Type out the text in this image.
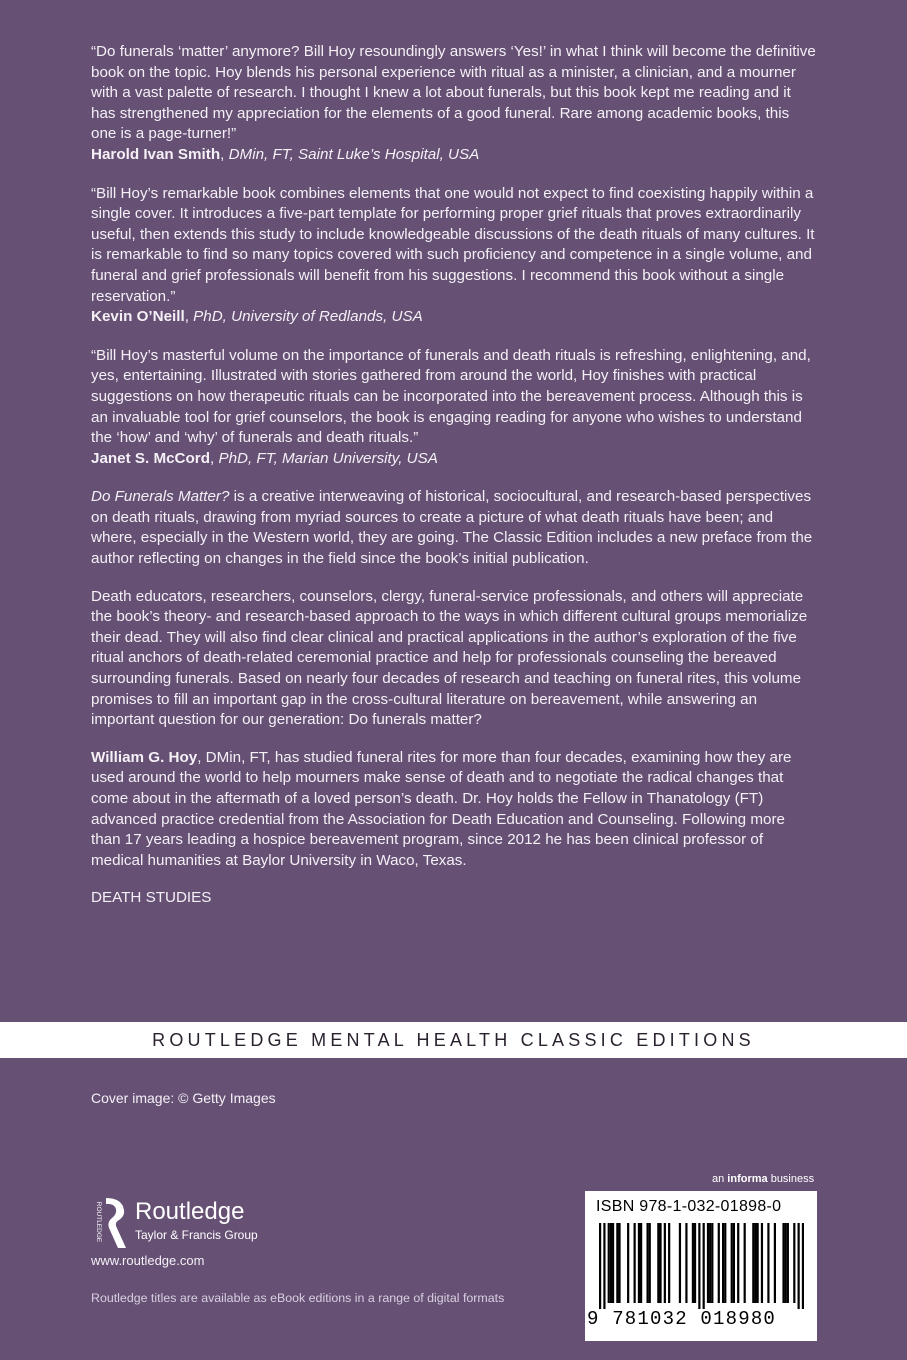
“Do funerals ‘matter’ anymore? Bill Hoy resoundingly answers ‘Yes!’ in what I think will become the definitive book on the topic. Hoy blends his personal experience with ritual as a minister, a clinician, and a mourner with a vast palette of research. I thought I knew a lot about funerals, but this book kept me reading and it has strengthened my appreciation for the elements of a good funeral. Rare among academic books, this one is a page-turner!”
Harold Ivan Smith, DMin, FT, Saint Luke’s Hospital, USA
“Bill Hoy’s remarkable book combines elements that one would not expect to find coexisting happily within a single cover. It introduces a five-part template for performing proper grief rituals that proves extraordinarily useful, then extends this study to include knowledgeable discussions of the death rituals of many cultures. It is remarkable to find so many topics covered with such proficiency and competence in a single volume, and funeral and grief professionals will benefit from his suggestions. I recommend this book without a single reservation.”
Kevin O’Neill, PhD, University of Redlands, USA
“Bill Hoy’s masterful volume on the importance of funerals and death rituals is refreshing, enlightening, and, yes, entertaining. Illustrated with stories gathered from around the world, Hoy finishes with practical suggestions on how therapeutic rituals can be incorporated into the bereavement process. Although this is an invaluable tool for grief counselors, the book is engaging reading for anyone who wishes to understand the ‘how’ and ‘why’ of funerals and death rituals.”
Janet S. McCord, PhD, FT, Marian University, USA

Do Funerals Matter? is a creative interweaving of historical, sociocultural, and research-based perspectives on death rituals, drawing from myriad sources to create a picture of what death rituals have been; and where, especially in the Western world, they are going. The Classic Edition includes a new preface from the author reflecting on changes in the field since the book’s initial publication.

Death educators, researchers, counselors, clergy, funeral-service professionals, and others will appreciate the book’s theory- and research-based approach to the ways in which different cultural groups memorialize their dead. They will also find clear clinical and practical applications in the author’s exploration of the five ritual anchors of death-related ceremonial practice and help for professionals counseling the bereaved surrounding funerals. Based on nearly four decades of research and teaching on funeral rites, this volume promises to fill an important gap in the cross-cultural literature on bereavement, while answering an important question for our generation: Do funerals matter?

William G. Hoy, DMin, FT, has studied funeral rites for more than four decades, examining how they are used around the world to help mourners make sense of death and to negotiate the radical changes that come about in the aftermath of a loved person’s death. Dr. Hoy holds the Fellow in Thanatology (FT) advanced practice credential from the Association for Death Education and Counseling. Following more than 17 years leading a hospice bereavement program, since 2012 he has been clinical professor of medical humanities at Baylor University in Waco, Texas.

DEATH STUDIES
ROUTLEDGE MENTAL HEALTH CLASSIC EDITIONS
Cover image: © Getty Images
ROUTLEDGE Routledge
Taylor & Francis Group
www.routledge.com
Routledge titles are available as eBook editions in a range of digital formats
an informa business
ISBN 978-1-032-01898-0
9 781032 018980
